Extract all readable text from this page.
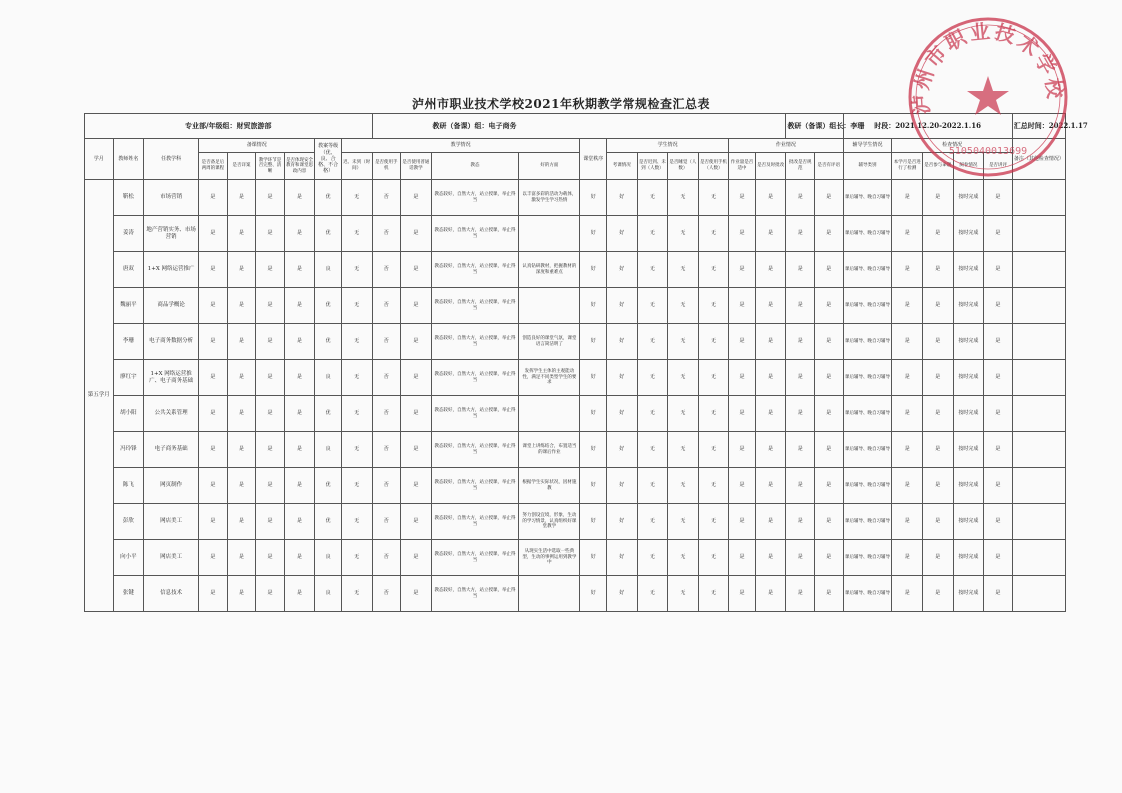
泸州市职业技术学校2021年秋期教学常规检查汇总表
专业部/年级组：财贸旅游部									教研（备课）组：电子商务											教研（备课）组长：李珊		时段：2021.12.20-2022.1.16					汇总时间：2022.1.17
学月	教师姓名	任教学科	备课情况				教案等级（优、良、合格、不合格）	教学情况					课堂秩序	学生情况				作业情况				辅导学生情况	检查情况				备注（其他检查情况）
			是否备足后两周的课程	是否详案	教学环节是否完整、清晰	是否体现安全教育和课堂思政内容		迟、未到（时间）	是否使用手机	是否使用普通话教学	教态	好的方面		考课情况	是否迟到、未到（人数）	是否睡觉（人数）	是否使用手机（人数）	作业量是否适中	是否及时批改	批改是否规范	是否有评语	辅导类别	本学月是否进行了检测	是否参与命题	阅卷情况	是否讲评	
第五学月	靳松	市场营销	是	是	是	是	优	无	否	是	教态较好，自然大方，站立授课，举止得当	以丰富多彩的活动为载体，激发学生学习热情	好	好	无	无	无	是	是	是	是	课后辅导、晚自习辅导	是	是	按时完成	是	
	姜涛	地产营销实务、市场营销	是	是	是	是	优	无	否	是	教态较好，自然大方，站立授课，举止得当		好	好	无	无	无	是	是	是	是	课后辅导、晚自习辅导	是	是	按时完成	是	
	唐双	1+X 网络运营推广	是	是	是	是	良	无	否	是	教态较好，自然大方，站立授课，举止得当	认真钻研教材，把握教材的深度和重难点	好	好	无	无	无	是	是	是	是	课后辅导、晚自习辅导	是	是	按时完成	是	
	魏丽平	商品学概论	是	是	是	是	优	无	否	是	教态较好，自然大方，站立授课，举止得当		好	好	无	无	无	是	是	是	是	课后辅导、晚自习辅导	是	是	按时完成	是	
	李珊	电子商务数据分析	是	是	是	是	优	无	否	是	教态较好，自然大方，站立授课，举止得当	创造良好的课堂气氛，课堂语言简洁明了	好	好	无	无	无	是	是	是	是	课后辅导、晚自习辅导	是	是	按时完成	是	
	廖红宇	1+X 网络运营推广、电子商务基础	是	是	是	是	良	无	否	是	教态较好，自然大方，站立授课，举止得当	发挥学生主体的主观能动性，满足不同类型学生的要求	好	好	无	无	无	是	是	是	是	课后辅导、晚自习辅导	是	是	按时完成	是	
	胡小阳	公共关系管理	是	是	是	是	优	无	否	是	教态较好，自然大方，站立授课，举止得当		好	好	无	无	无	是	是	是	是	课后辅导、晚自习辅导	是	是	按时完成	是	
	冯玲锋	电子商务基础	是	是	是	是	良	无	否	是	教态较好，自然大方，站立授课，举止得当	课堂上讲练结合，布置适当的课后作业	好	好	无	无	无	是	是	是	是	课后辅导、晚自习辅导	是	是	按时完成	是	
	陈飞	网页制作	是	是	是	是	优	无	否	是	教态较好，自然大方，站立授课，举止得当	根据学生实际状况，因材施教	好	好	无	无	无	是	是	是	是	课后辅导、晚自习辅导	是	是	按时完成	是	
	彭欣	网店美工	是	是	是	是	优	无	否	是	教态较好，自然大方，站立授课，举止得当	努力创设宜境，形象，生动的学习情景，认真组织好课堂教学	好	好	无	无	无	是	是	是	是	课后辅导、晚自习辅导	是	是	按时完成	是	
	向小平	网店美工	是	是	是	是	良	无	否	是	教态较好，自然大方，站立授课，举止得当	从现实生活中选取一些典型，生动的事例运用到教学中	好	好	无	无	无	是	是	是	是	课后辅导、晚自习辅导	是	是	按时完成	是	
	张键	信息技术	是	是	是	是	良	无	否	是	教态较好，自然大方，站立授课，举止得当		好	好	无	无	无	是	是	是	是	课后辅导、晚自习辅导	是	是	按时完成	是	
泸州市职业技术学校
5105040013699
